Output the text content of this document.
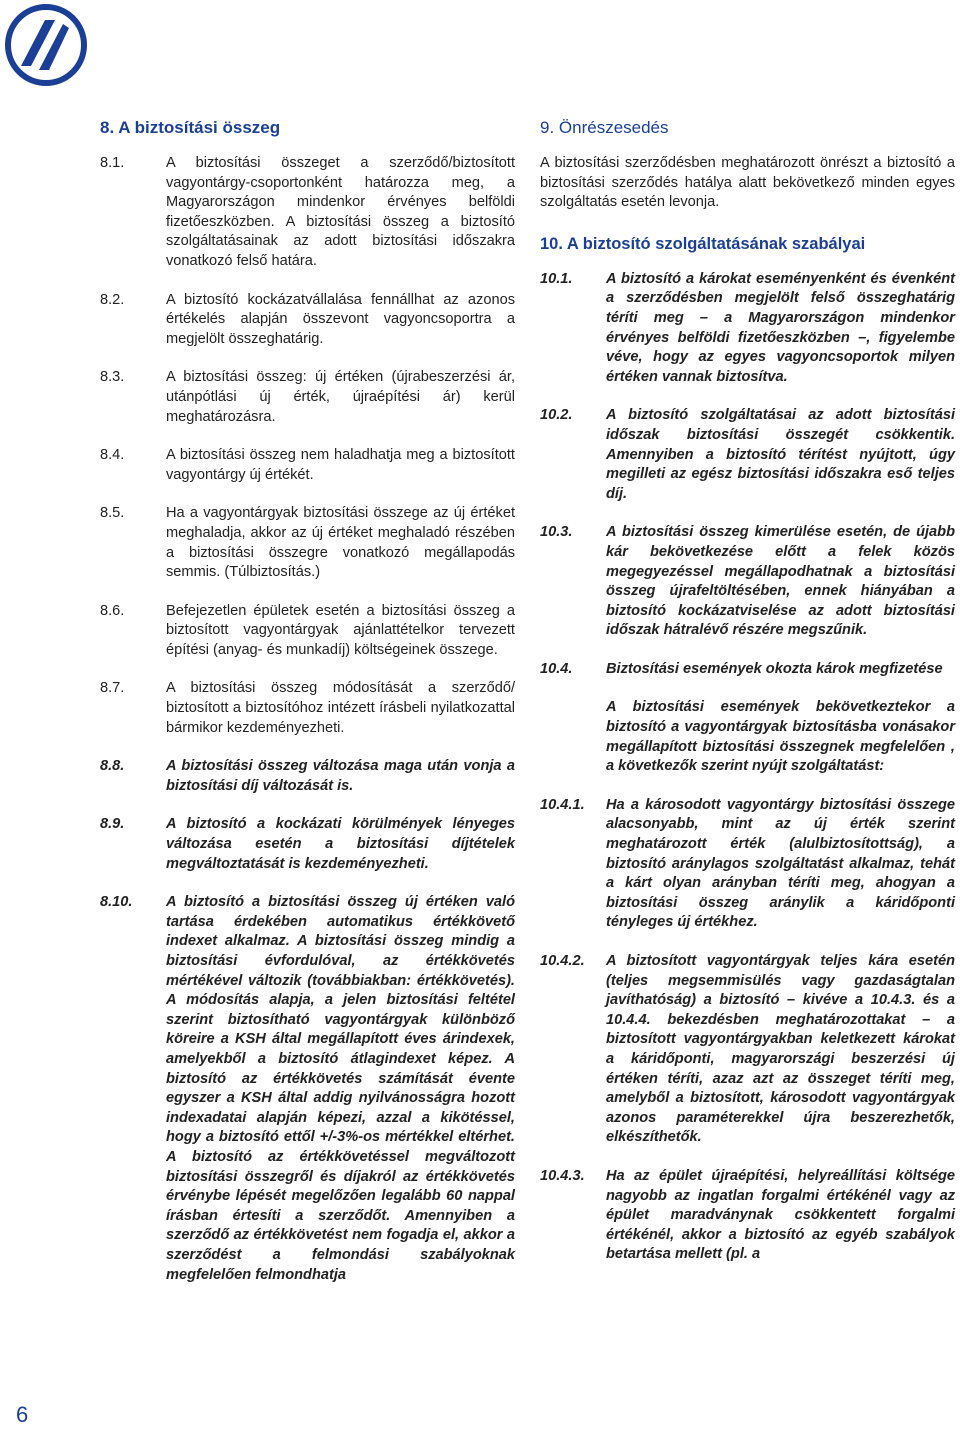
8. A biztosítási összeg
8.1.	A biztosítási összeget a szerződő/biztosított vagyontárgy-csoportonként határozza meg, a Magyarországon mindenkor érvényes belföldi fizetőeszközben. A biztosítási összeg a biztosító szolgáltatásainak az adott biztosítási időszakra vonatkozó felső határa.
8.2.	A biztosító kockázatvállalása fennállhat az azonos értékelés alapján összevont vagyoncsoportra a megjelölt összeghatárig.
8.3.	A biztosítási összeg: új értéken (újrabeszerzési ár, utánpótlási új érték, újraépítési ár) kerül meghatározásra.
8.4.	A biztosítási összeg nem haladhatja meg a biztosított vagyontárgy új értékét.
8.5.	Ha a vagyontárgyak biztosítási összege az új értéket meghaladja, akkor az új értéket meghaladó részében a biztosítási összegre vonatkozó megállapodás semmis. (Túlbiztosítás.)
8.6.	Befejezetlen épületek esetén a biztosítási összeg a biztosított vagyontárgyak ajánlattételkor tervezett építési (anyag- és munkadíj) költségeinek összege.
8.7.	A biztosítási összeg módosítását a szerződő/ biztosított a biztosítóhoz intézett írásbeli nyilatkozattal bármikor kezdeményezheti.
8.8.	A biztosítási összeg változása maga után vonja a biztosítási díj változását is.
8.9.	A biztosító a kockázati körülmények lényeges változása esetén a biztosítási díjtételek megváltoztatását is kezdeményezheti.
8.10.	A biztosító a biztosítási összeg új értéken való tartása érdekében automatikus értékkövető indexet alkalmaz. A biztosítási összeg mindig a biztosítási évfordulóval, az értékkövetés mértékével változik (továbbiakban: értékkövetés). A módosítás alapja, a jelen biztosítási feltétel szerint biztosítható vagyontárgyak különböző köreire a KSH által megállapított éves árindexek, amelyekből a biztosító átlagindexet képez. A biztosító az értékkövetés számítását évente egyszer a KSH által addig nyilvánosságra hozott indexadatai alapján képezi, azzal a kikötéssel, hogy a biztosító ettől +/-3%-os mértékkel eltérhet. A biztosító az értékkövetéssel megváltozott biztosítási összegről és díjakról az értékkövetés érvénybe lépését megelőzően legalább 60 nappal írásban értesíti a szerződőt. Amennyiben a szerződő az értékkövetést nem fogadja el, akkor a szerződést a felmondási szabályoknak megfelelően felmondhatja
9. Önrészesedés
A biztosítási szerződésben meghatározott önrészt a biztosító a biztosítási szerződés hatálya alatt bekövetkező minden egyes szolgáltatás esetén levonja.
10. A biztosító szolgáltatásának szabályai
10.1.	A biztosító a károkat eseményenként és évenként a szerződésben megjelölt felső összeghatárig téríti meg – a Magyarországon mindenkor érvényes belföldi fizetőeszközben –, figyelembe véve, hogy az egyes vagyoncsoportok milyen értéken vannak biztosítva.
10.2.	A biztosító szolgáltatásai az adott biztosítási időszak biztosítási összegét csökkentik. Amennyiben a biztosító térítést nyújtott, úgy megilleti az egész biztosítási időszakra eső teljes díj.
10.3.	A biztosítási összeg kimerülése esetén, de újabb kár bekövetkezése előtt a felek közös megegyezéssel megállapodhatnak a biztosítási összeg újrafeltöltésében, ennek hiányában a biztosító kockázatviselése az adott biztosítási időszak hátralévő részére megszűnik.
10.4.	Biztosítási események okozta károk megfizetése
A biztosítási események bekövetkeztekor a biztosító a vagyontárgyak biztosításba vonásakor megállapított biztosítási összegnek megfelelően , a következők szerint nyújt szolgáltatást:
10.4.1.	Ha a károsodott vagyontárgy biztosítási összege alacsonyabb, mint az új érték szerint meghatározott érték (alulbiztosítottság), a biztosító aránylagos szolgáltatást alkalmaz, tehát a kárt olyan arányban téríti meg, ahogyan a biztosítási összeg aránylik a káridőponti tényleges új értékhez.
10.4.2.	A biztosított vagyontárgyak teljes kára esetén (teljes megsemmisülés vagy gazdaságtalan javíthatóság) a biztosító – kivéve a 10.4.3. és a 10.4.4. bekezdésben meghatározottakat – a biztosított vagyontárgyakban keletkezett károkat a káridőponti, magyarországi beszerzési új értéken téríti, azaz azt az összeget téríti meg, amelyből a biztosított, károsodott vagyontárgyak azonos paraméterekkel újra beszerezhetők, elkészíthetők.
10.4.3.	Ha az épület újraépítési, helyreállítási költsége nagyobb az ingatlan forgalmi értékénél vagy az épület maradványnak csökkentett forgalmi értékénél, akkor a biztosító az egyéb szabályok betartása mellett (pl. a
6
